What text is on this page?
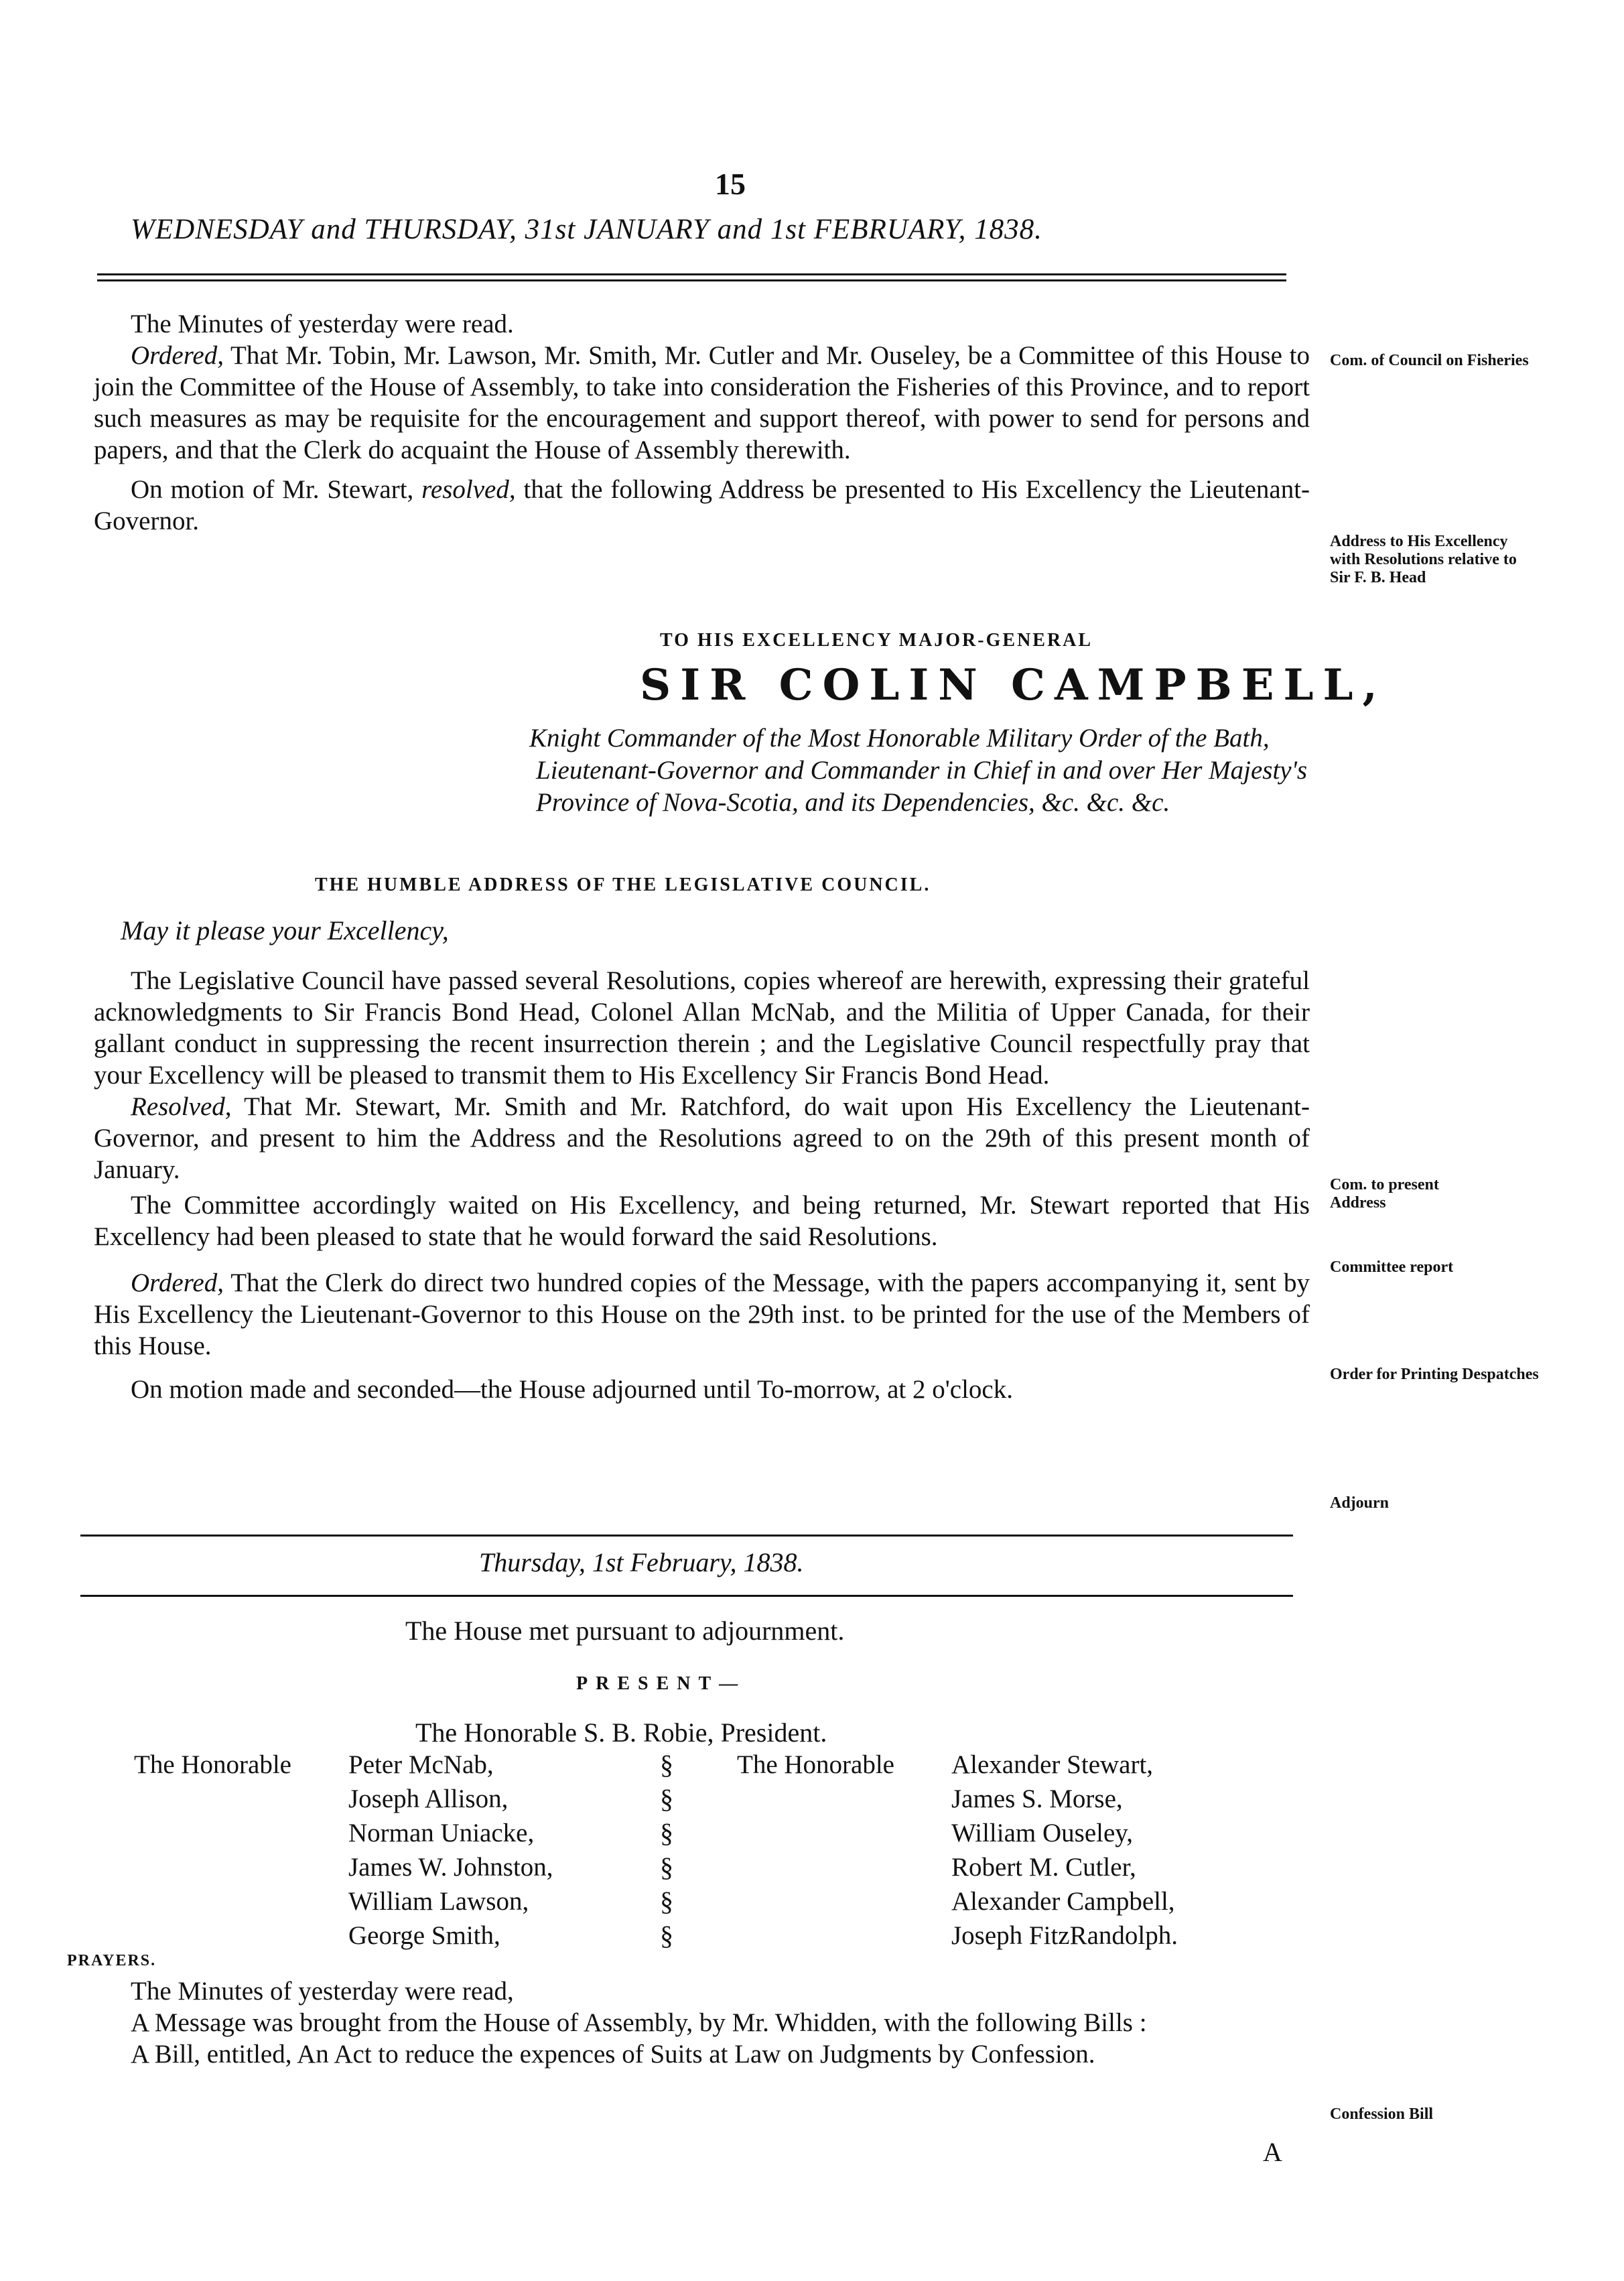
15
WEDNESDAY and THURSDAY, 31st JANUARY and 1st FEBRUARY, 1838.

The Minutes of yesterday were read.

Ordered, That Mr. Tobin, Mr. Lawson, Mr. Smith, Mr. Cutler and Mr. Ouseley, be a Committee of this House to join the Committee of the House of Assembly, to take into consideration the Fisheries of this Province, and to report such measures as may be requisite for the encouragement and support thereof, with power to send for persons and papers, and that the Clerk do acquaint the House of Assembly therewith.

On motion of Mr. Stewart, resolved, that the following Address be presented to His Excellency the Lieutenant-Governor.

TO HIS EXCELLENCY MAJOR-GENERAL
SIR COLIN CAMPBELL,
Knight Commander of the Most Honorable Military Order of the Bath, Lieutenant-Governor and Commander in Chief in and over Her Majesty's Province of Nova-Scotia, and its Dependencies, &c. &c. &c.
THE HUMBLE ADDRESS OF THE LEGISLATIVE COUNCIL.
May it please your Excellency,

The Legislative Council have passed several Resolutions, copies whereof are herewith, expressing their grateful acknowledgments to Sir Francis Bond Head, Colonel Allan McNab, and the Militia of Upper Canada, for their gallant conduct in suppressing the recent insurrection therein ; and the Legislative Council respectfully pray that your Excellency will be pleased to transmit them to His Excellency Sir Francis Bond Head.

Resolved, That Mr. Stewart, Mr. Smith and Mr. Ratchford, do wait upon His Excellency the Lieutenant-Governor, and present to him the Address and the Resolutions agreed to on the 29th of this present month of January.

The Committee accordingly waited on His Excellency, and being returned, Mr. Stewart reported that His Excellency had been pleased to state that he would forward the said Resolutions.

Ordered, That the Clerk do direct two hundred copies of the Message, with the papers accompanying it, sent by His Excellency the Lieutenant-Governor to this House on the 29th inst. to be printed for the use of the Members of this House.

On motion made and seconded—the House adjourned until To-morrow, at 2 o'clock.

Thursday, 1st February, 1838.
The House met pursuant to adjournment.
PRESENT—
The Honorable S. B. Robie, President.
The Honorable Peter McNab,
Joseph Allison,
Norman Uniacke,
James W. Johnston,
William Lawson,
George Smith,
§
§
§
§
§
§
The Honorable Alexander Stewart,
James S. Morse,
William Ouseley,
Robert M. Cutler,
Alexander Campbell,
Joseph FitzRandolph.
PRAYERS.

The Minutes of yesterday were read,

A Message was brought from the House of Assembly, by Mr. Whidden, with the following Bills :

A Bill, entitled, An Act to reduce the expences of Suits at Law on Judgments by Confession.

A
Com. of Council on Fisheries
Address to His Excellency with Resolutions relative to Sir F. B. Head
Com. to present Address
Committee report
Order for Printing Despatches
Adjourn
Confession Bill
